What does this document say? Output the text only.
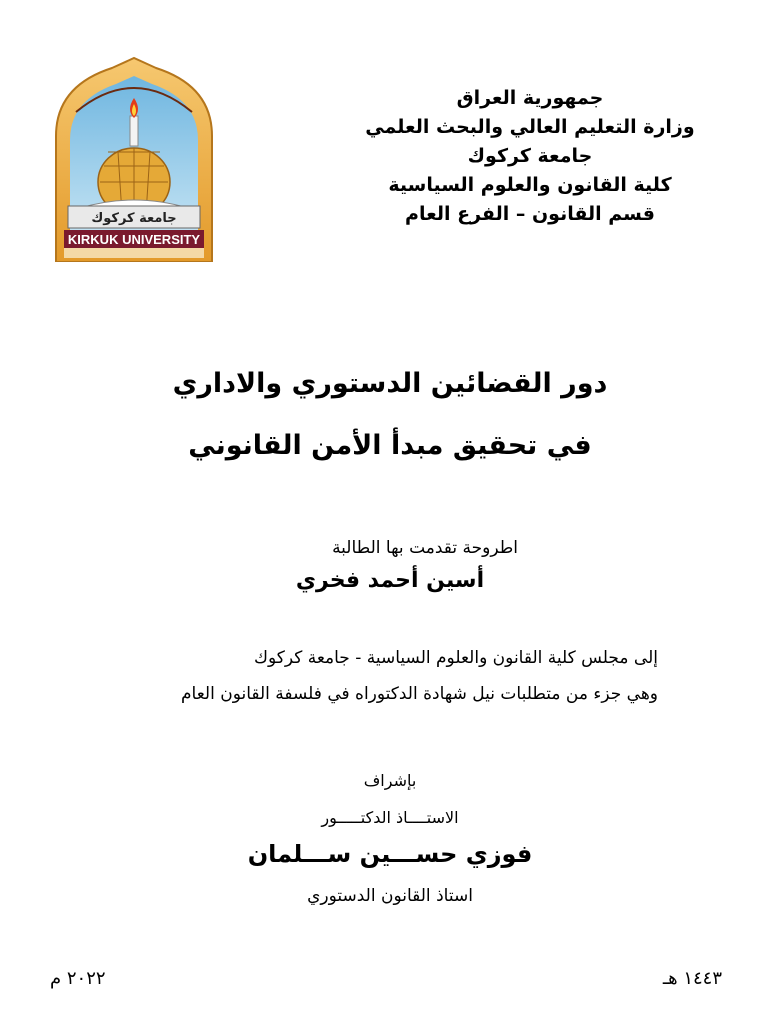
جامعة كركوك
KIRKUK UNIVERSITY
جمهورية العراق
وزارة التعليم العالي والبحث العلمي
جامعة كركوك
كلية القانون والعلوم السياسية
قسم القانون – الفرع العام
دور القضائين الدستوري والاداري
في تحقيق مبدأ الأمن القانوني
اطروحة تقدمت بها الطالبة
أسين أحمد فخري
إلى مجلس كلية القانون والعلوم السياسية - جامعة كركوك
وهي جزء من متطلبات نيل شهادة الدكتوراه في فلسفة القانون العام
بإشراف
الاستــــاذ الدكتـــــور
فوزي حســـين ســـلمان
استاذ القانون الدستوري
١٤٤٣ هـ
٢٠٢٢ م
